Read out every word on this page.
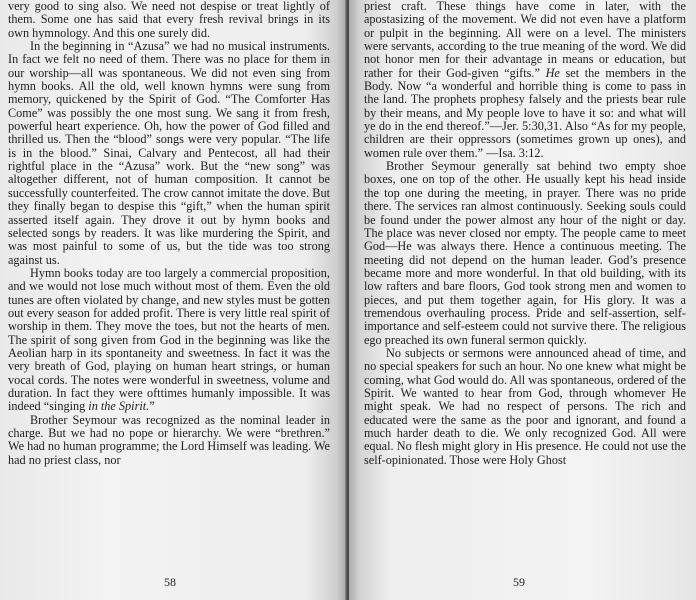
very good to sing also. We need not despise or treat lightly of them. Some one has said that every fresh revival brings in its own hymnology. And this one surely did.

In the beginning in “Azusa” we had no musical instruments. In fact we felt no need of them. There was no place for them in our worship—all was spontaneous. We did not even sing from hymn books. All the old, well known hymns were sung from memory, quickened by the Spirit of God. “The Comforter Has Come” was possibly the one most sung. We sang it from fresh, powerful heart experience. Oh, how the power of God filled and thrilled us. Then the “blood” songs were very popular. “The life is in the blood.” Sinai, Calvary and Pentecost, all had their rightful place in the “Azusa” work. But the “new song” was altogether different, not of human composition. It cannot be successfully counterfeited. The crow cannot imitate the dove. But they finally began to despise this “gift,” when the human spirit asserted itself again. They drove it out by hymn books and selected songs by readers. It was like murdering the Spirit, and was most painful to some of us, but the tide was too strong against us.

Hymn books today are too largely a commercial proposition, and we would not lose much without most of them. Even the old tunes are often violated by change, and new styles must be gotten out every season for added profit. There is very little real spirit of worship in them. They move the toes, but not the hearts of men. The spirit of song given from God in the beginning was like the Aeolian harp in its spontaneity and sweetness. In fact it was the very breath of God, playing on human heart strings, or human vocal cords. The notes were wonderful in sweetness, volume and duration. In fact they were ofttimes humanly impossible. It was indeed “singing in the Spirit.”

Brother Seymour was recognized as the nominal leader in charge. But we had no pope or hierarchy. We were “brethren.” We had no human programme; the Lord Himself was leading. We had no priest class, nor

58

priest craft. These things have come in later, with the apostasizing of the movement. We did not even have a platform or pulpit in the beginning. All were on a level. The ministers were servants, according to the true meaning of the word. We did not honor men for their advantage in means or education, but rather for their God-given “gifts.” He set the members in the Body. Now “a wonderful and horrible thing is come to pass in the land. The prophets prophesy falsely and the priests bear rule by their means, and My people love to have it so: and what will ye do in the end thereof.”—Jer. 5:30,31. Also “As for my people, children are their oppressors (sometimes grown up ones), and women rule over them.” —Isa. 3:12.

Brother Seymour generally sat behind two empty shoe boxes, one on top of the other. He usually kept his head inside the top one during the meeting, in prayer. There was no pride there. The services ran almost continuously. Seeking souls could be found under the power almost any hour of the night or day. The place was never closed nor empty. The people came to meet God—He was always there. Hence a continuous meeting. The meeting did not depend on the human leader. God’s presence became more and more wonderful. In that old building, with its low rafters and bare floors, God took strong men and women to pieces, and put them together again, for His glory. It was a tremendous overhauling process. Pride and self-assertion, self-importance and self-esteem could not survive there. The religious ego preached its own funeral sermon quickly.

No subjects or sermons were announced ahead of time, and no special speakers for such an hour. No one knew what might be coming, what God would do. All was spontaneous, ordered of the Spirit. We wanted to hear from God, through whomever He might speak. We had no respect of persons. The rich and educated were the same as the poor and ignorant, and found a much harder death to die. We only recognized God. All were equal. No flesh might glory in His presence. He could not use the self-opinionated. Those were Holy Ghost

59
